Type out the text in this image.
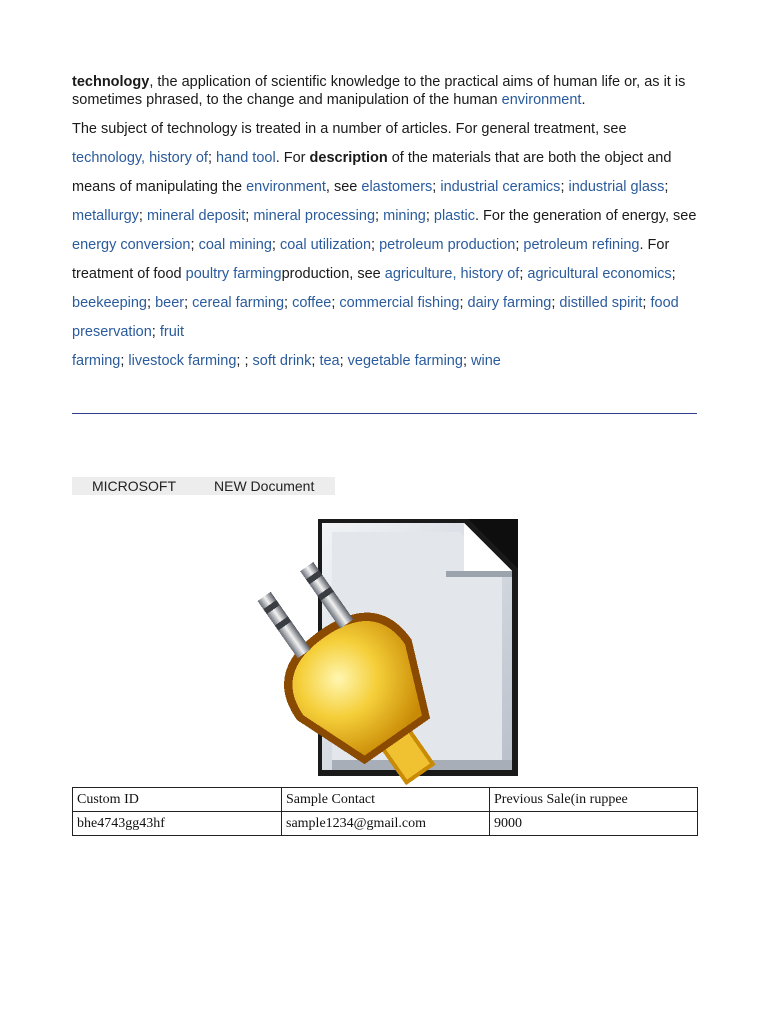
technology, the application of scientific knowledge to the practical aims of human life or, as it is sometimes phrased, to the change and manipulation of the human environment.

The subject of technology is treated in a number of articles. For general treatment, see technology, history of; hand tool. For description of the materials that are both the object and means of manipulating the environment, see elastomers; industrial ceramics; industrial glass; metallurgy; mineral deposit; mineral processing; mining; plastic. For the generation of energy, see energy conversion; coal mining; coal utilization; petroleum production; petroleum refining. For treatment of food poultry farmingproduction, see agriculture, history of; agricultural economics; beekeeping; beer; cereal farming; coffee; commercial fishing; dairy farming; distilled spirit; food preservation; fruit
farming; livestock farming; ; soft drink; tea; vegetable farming; wine

MICROSOFT	NEW Document
Custom ID	Sample Contact	Previous Sale(in ruppee
bhe4743gg43hf	sample1234@gmail.com	9000
